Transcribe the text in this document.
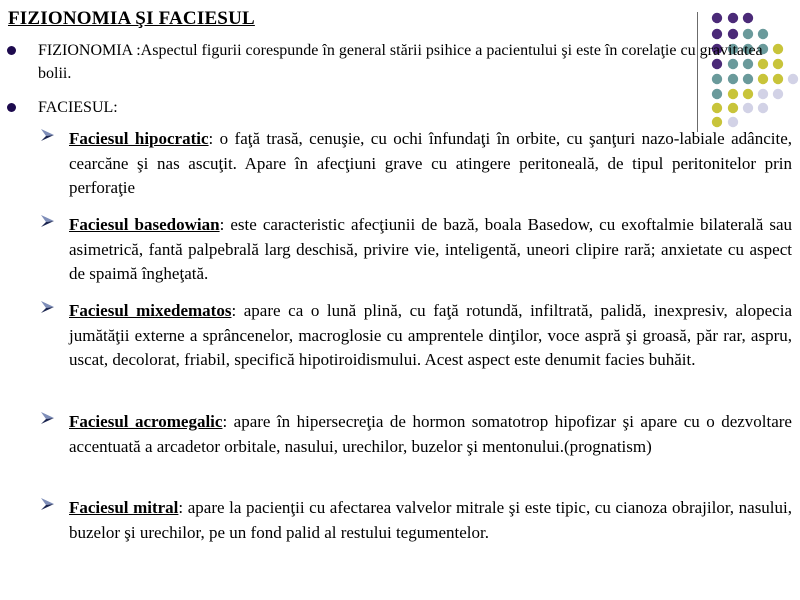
FIZIONOMIA ŞI FACIESUL
FIZIONOMIA :Aspectul figurii corespunde în general stării psihice a pacientului şi este în corelaţie cu gravitatea bolii.
FACIESUL:
Faciesul hipocratic: o faţă trasă, cenuşie, cu ochi înfundaţi în orbite, cu şanţuri nazo-labiale adâncite, cearcăne şi nas ascuţit. Apare în afecţiuni grave cu atingere peritoneală, de tipul peritonitelor prin perforaţie
Faciesul basedowian: este caracteristic afecţiunii de bază, boala Basedow, cu exoftalmie bilaterală sau asimetrică, fantă palpebrală larg deschisă, privire vie, inteligentă, uneori clipire rară; anxietate cu aspect de spaimă îngheţată.
Faciesul mixedematos: apare ca o lună plină, cu faţă rotundă, infiltrată, palidă, inexpresiv, alopecia jumătăţii externe a sprâncenelor, macroglosie cu amprentele dinţilor, voce aspră şi groasă, păr rar, aspru, uscat, decolorat, friabil, specifică hipotiroidismului. Acest aspect este denumit facies buhăit.
Faciesul acromegalic: apare în hipersecreţia de hormon somatotrop hipofizar şi apare cu o dezvoltare accentuată a arcadetor orbitale, nasului, urechilor, buzelor şi mentonului.(prognatism)
Faciesul mitral: apare la pacienţii cu afectarea valvelor mitrale şi este tipic, cu cianoza obrajilor, nasului, buzelor şi urechilor, pe un fond palid al restului tegumentelor.
